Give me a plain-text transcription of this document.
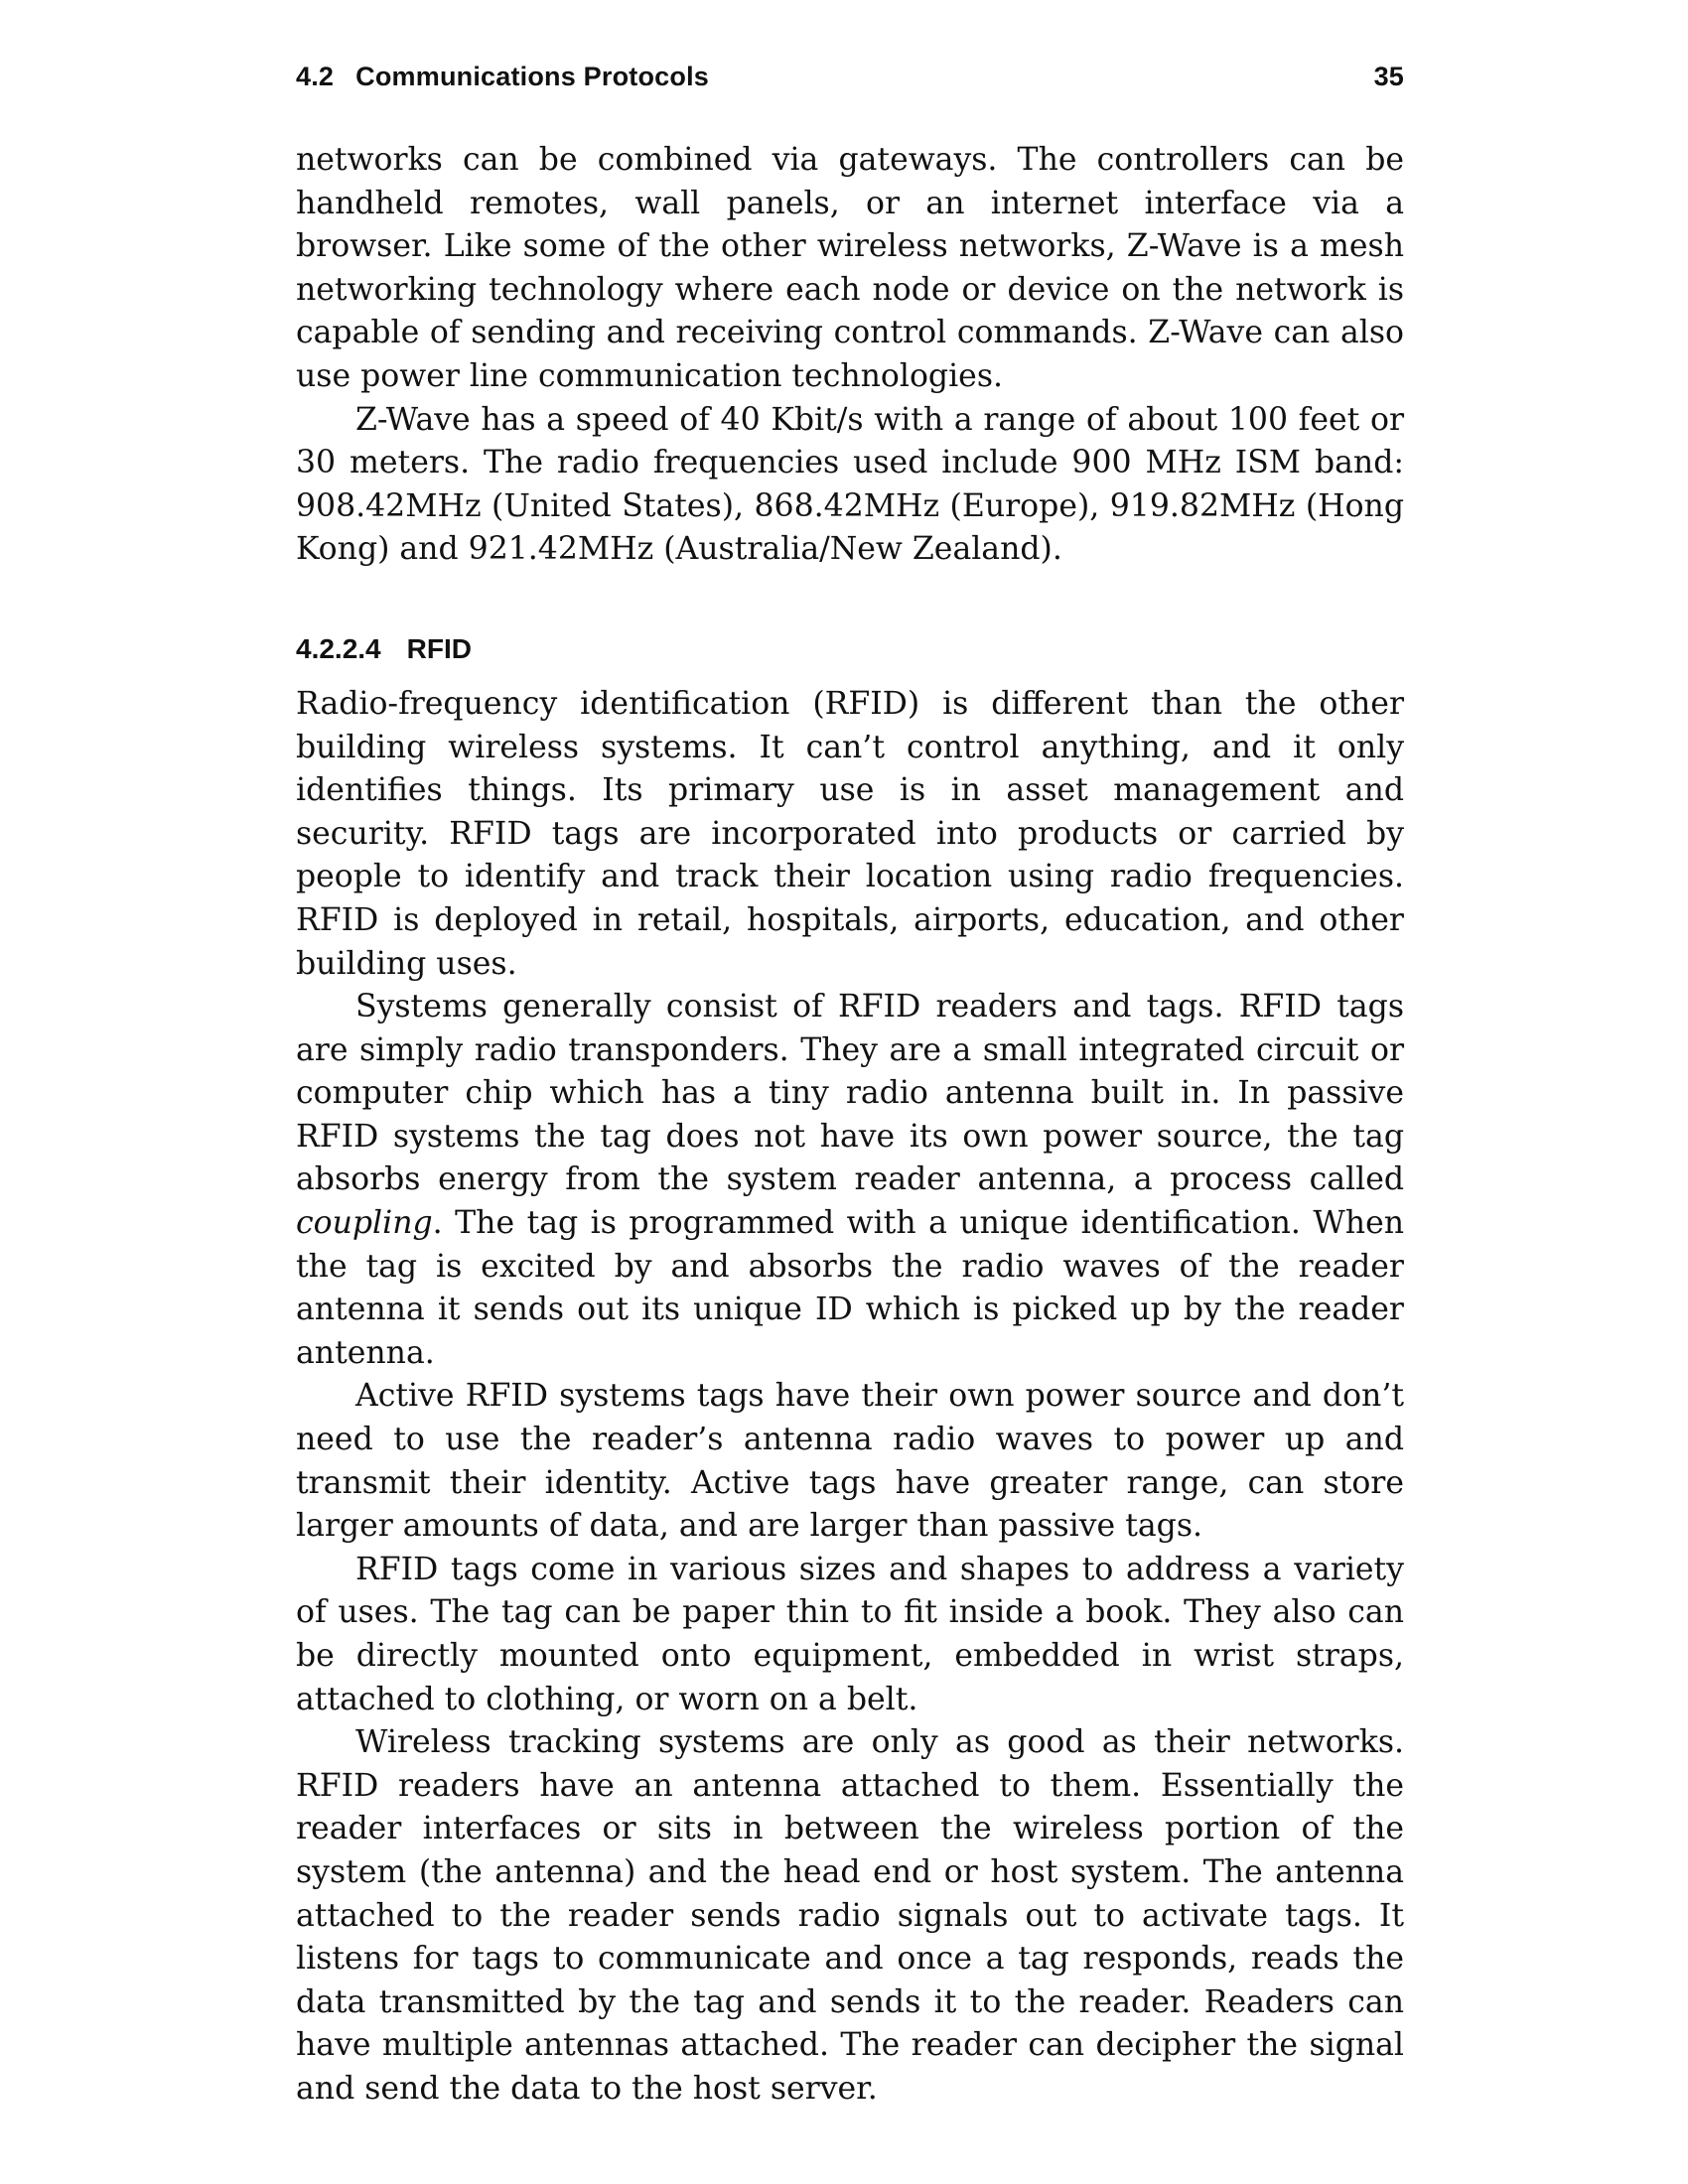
4.2 Communications Protocols	35

networks can be combined via gateways. The controllers can be handheld remotes, wall panels, or an internet interface via a browser. Like some of the other wireless networks, Z-Wave is a mesh networking technology where each node or device on the network is capable of sending and receiving control commands. Z-Wave can also use power line communication technologies.

Z-Wave has a speed of 40 Kbit/s with a range of about 100 feet or 30 meters. The radio frequencies used include 900 MHz ISM band: 908.42MHz (United States), 868.42MHz (Europe), 919.82MHz (Hong Kong) and 921.42MHz (Australia/New Zealand).

4.2.2.4 RFID

Radio-frequency identification (RFID) is different than the other building wireless systems. It can’t control anything, and it only identifies things. Its primary use is in asset management and security. RFID tags are incorporated into products or carried by people to identify and track their location using radio frequencies. RFID is deployed in retail, hospitals, airports, education, and other building uses.

Systems generally consist of RFID readers and tags. RFID tags are simply radio transponders. They are a small integrated circuit or computer chip which has a tiny radio antenna built in. In passive RFID systems the tag does not have its own power source, the tag absorbs energy from the system reader antenna, a process called coupling. The tag is programmed with a unique identification. When the tag is excited by and absorbs the radio waves of the reader antenna it sends out its unique ID which is picked up by the reader antenna.

Active RFID systems tags have their own power source and don’t need to use the reader’s antenna radio waves to power up and transmit their identity. Active tags have greater range, can store larger amounts of data, and are larger than passive tags.

RFID tags come in various sizes and shapes to address a variety of uses. The tag can be paper thin to fit inside a book. They also can be directly mounted onto equipment, embedded in wrist straps, attached to clothing, or worn on a belt.

Wireless tracking systems are only as good as their networks. RFID readers have an antenna attached to them. Essentially the reader interfaces or sits in between the wireless portion of the system (the antenna) and the head end or host system. The antenna attached to the reader sends radio signals out to activate tags. It listens for tags to communicate and once a tag responds, reads the data transmitted by the tag and sends it to the reader. Readers can have multiple antennas attached. The reader can decipher the signal and send the data to the host server.
